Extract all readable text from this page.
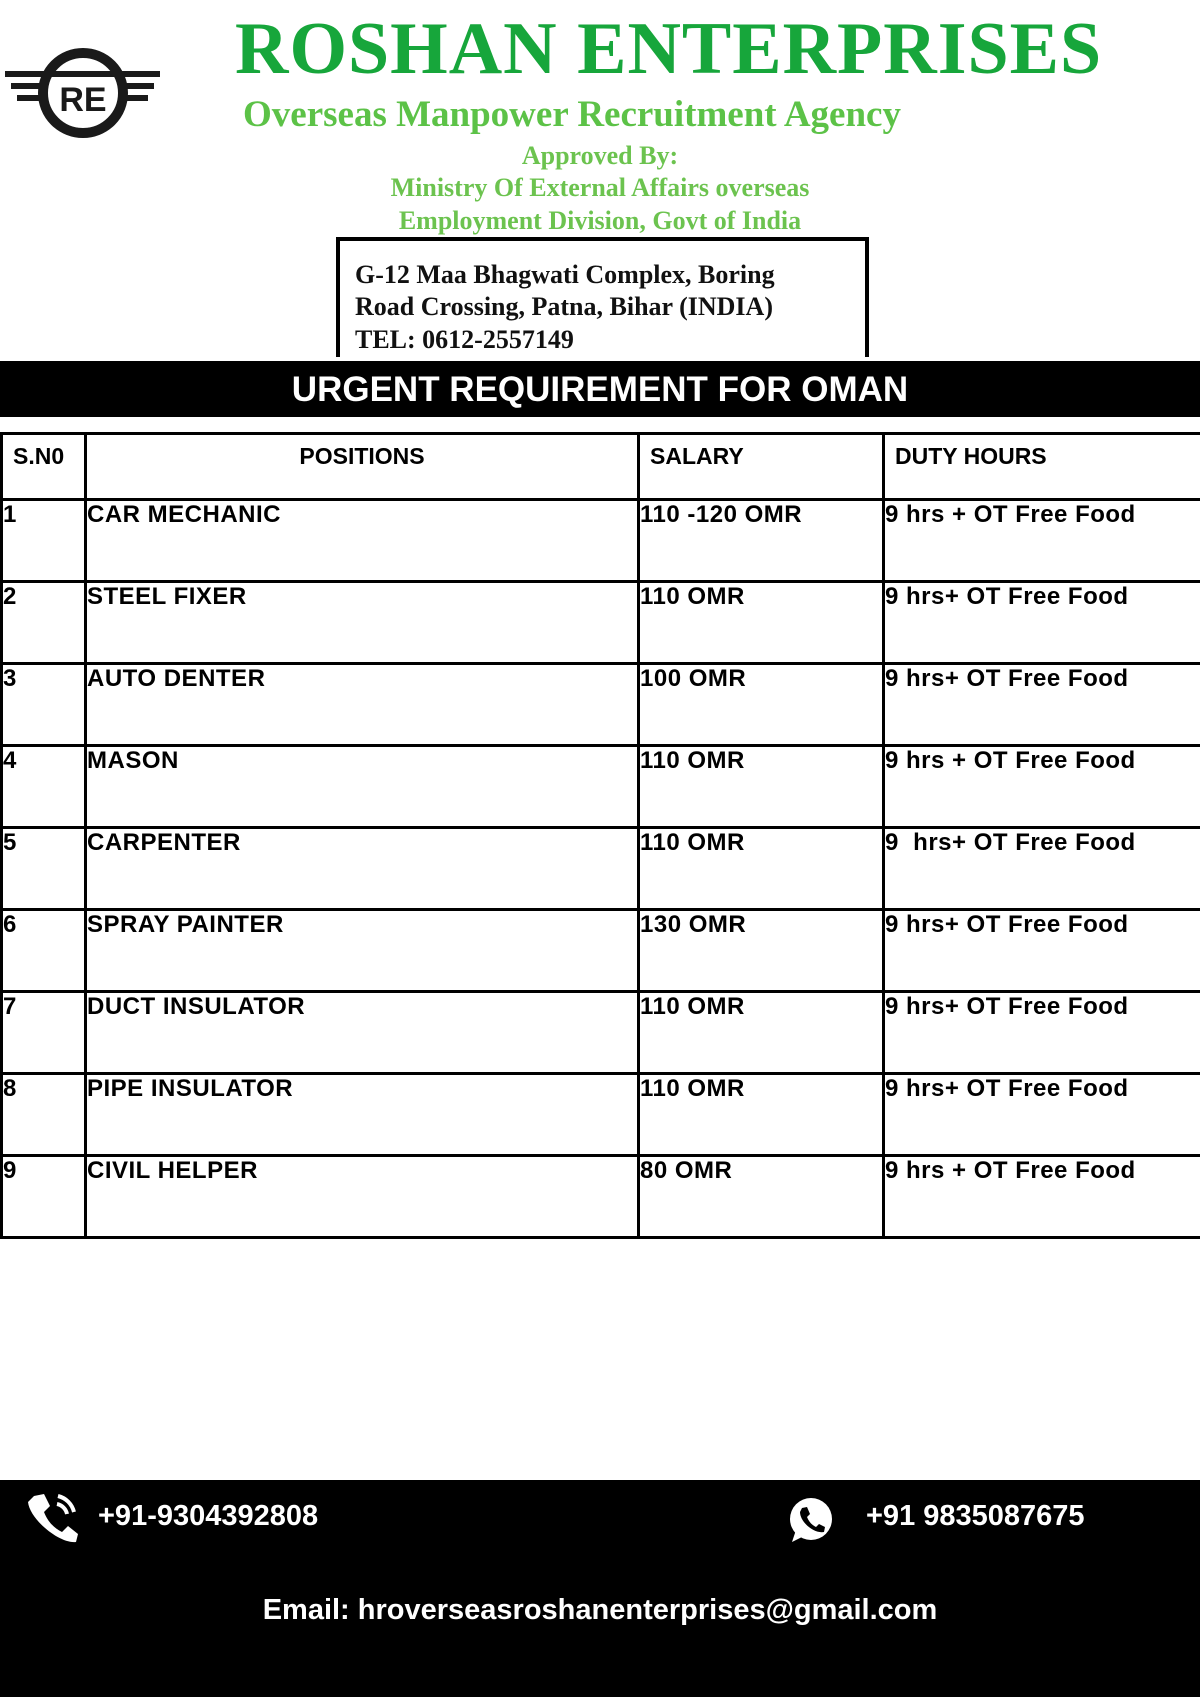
RE
ROSHAN ENTERPRISES
Overseas Manpower Recruitment Agency
Approved By:
Ministry Of External Affairs overseas
Employment Division, Govt of India
G-12 Maa Bhagwati Complex, Boring
Road Crossing, Patna, Bihar (INDIA)
TEL: 0612-2557149
URGENT REQUIREMENT FOR OMAN
S.N0	POSITIONS	SALARY	DUTY HOURS
1	CAR MECHANIC	110 -120 OMR	9 hrs + OT Free Food
2	STEEL FIXER	110 OMR	9 hrs+ OT Free Food
3	AUTO DENTER	100 OMR	9 hrs+ OT Free Food
4	MASON	110 OMR	9 hrs + OT Free Food
5	CARPENTER	110 OMR	9  hrs+ OT Free Food
6	SPRAY PAINTER	130 OMR	9 hrs+ OT Free Food
7	DUCT INSULATOR	110 OMR	9 hrs+ OT Free Food
8	PIPE INSULATOR	110 OMR	9 hrs+ OT Free Food
9	CIVIL HELPER	80 OMR	9 hrs + OT Free Food
+91-9304392808	+91 9835087675
Email: hroverseasroshanenterprises@gmail.com
